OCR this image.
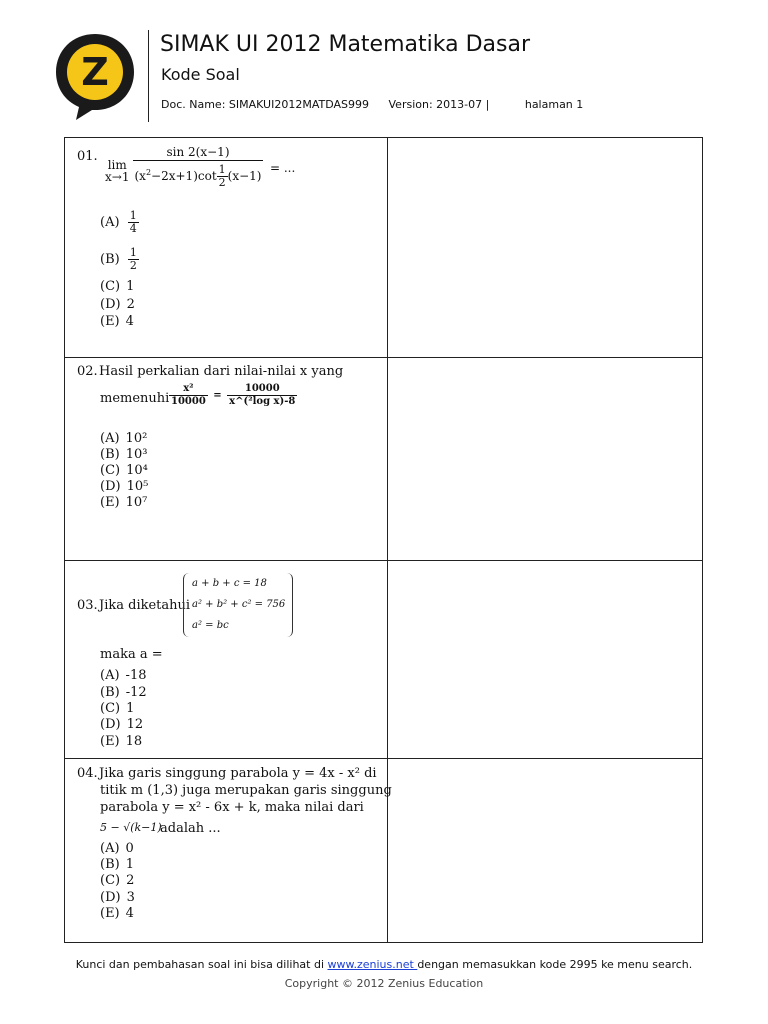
Z
SIMAK UI 2012 Matematika Dasar
Kode Soal
Doc. Name: SIMAKUI2012MATDAS999 Version: 2013-07 |	halaman 1
01.
lim
$x\to 1 \frac{\sin 2(x-1)}{(x^2-2x+1)\cot \frac{1}{2} (x-1)}$ = ...
$(A) \frac{1}{4}$
$(B) \frac{1}{2}$
(C) 1
(D) 2
(E) 4
02. Hasil perkalian dari nilai-nilai x yang
memenuhi $\frac{\text{x²}}{10000} = \frac{10000}{\text{x\textasciicircum{}(²log x)-8}}$
(A) 10²
(B) 10³
(C) 10⁴
(D) 10⁵
(E) 10⁷
03. Jika diketahui
a + b + c = 18
a² + b² + c² = 756
a² = bc
maka a =
(A) -18
(B) -12
(C) 1
(D) 12
(E) 18
04. Jika garis singgung parabola y = 4x - x² di
titik m (1,3) juga merupakan garis singgung
parabola y = x² - 6x + k, maka nilai dari
5 − √(k−1)
adalah ...
(A) 0
(B) 1
(C) 2
(D) 3
(E) 4
Kunci dan pembahasan soal ini bisa dilihat di www.zenius.net dengan memasukkan kode 2995 ke menu search.
Copyright © 2012 Zenius Education
